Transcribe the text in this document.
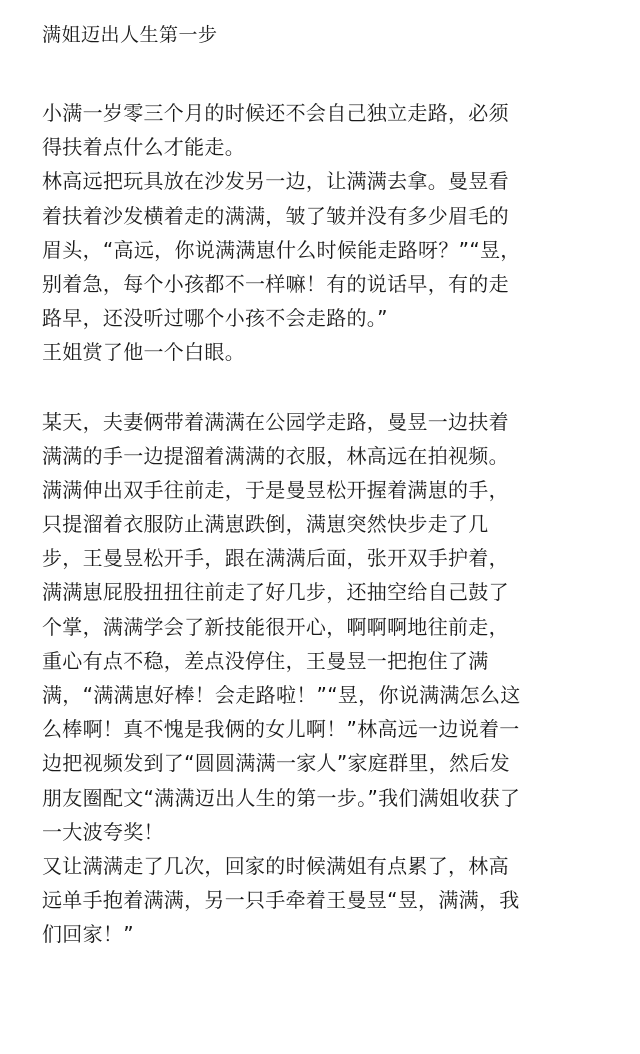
满姐迈出人生第一步
小满一岁零三个月的时候还不会自己独立走路，必须
得扶着点什么才能走。
林高远把玩具放在沙发另一边，让满满去拿。曼昱看
着扶着沙发横着走的满满，皱了皱并没有多少眉毛的
眉头，“高远，你说满满崽什么时候能走路呀？”“昱，
别着急，每个小孩都不一样嘛！有的说话早，有的走
路早，还没听过哪个小孩不会走路的。”
王姐赏了他一个白眼。
某天，夫妻俩带着满满在公园学走路，曼昱一边扶着
满满的手一边提溜着满满的衣服，林高远在拍视频。
满满伸出双手往前走，于是曼昱松开握着满崽的手，
只提溜着衣服防止满崽跌倒，满崽突然快步走了几
步，王曼昱松开手，跟在满满后面，张开双手护着，
满满崽屁股扭扭往前走了好几步，还抽空给自己鼓了
个掌，满满学会了新技能很开心，啊啊啊地往前走，
重心有点不稳，差点没停住，王曼昱一把抱住了满
满，“满满崽好棒！会走路啦！”“昱，你说满满怎么这
么棒啊！真不愧是我俩的女儿啊！”林高远一边说着一
边把视频发到了“圆圆满满一家人”家庭群里，然后发
朋友圈配文“满满迈出人生的第一步。”我们满姐收获了
一大波夸奖！
又让满满走了几次，回家的时候满姐有点累了，林高
远单手抱着满满，另一只手牵着王曼昱“昱，满满，我
们回家！”
